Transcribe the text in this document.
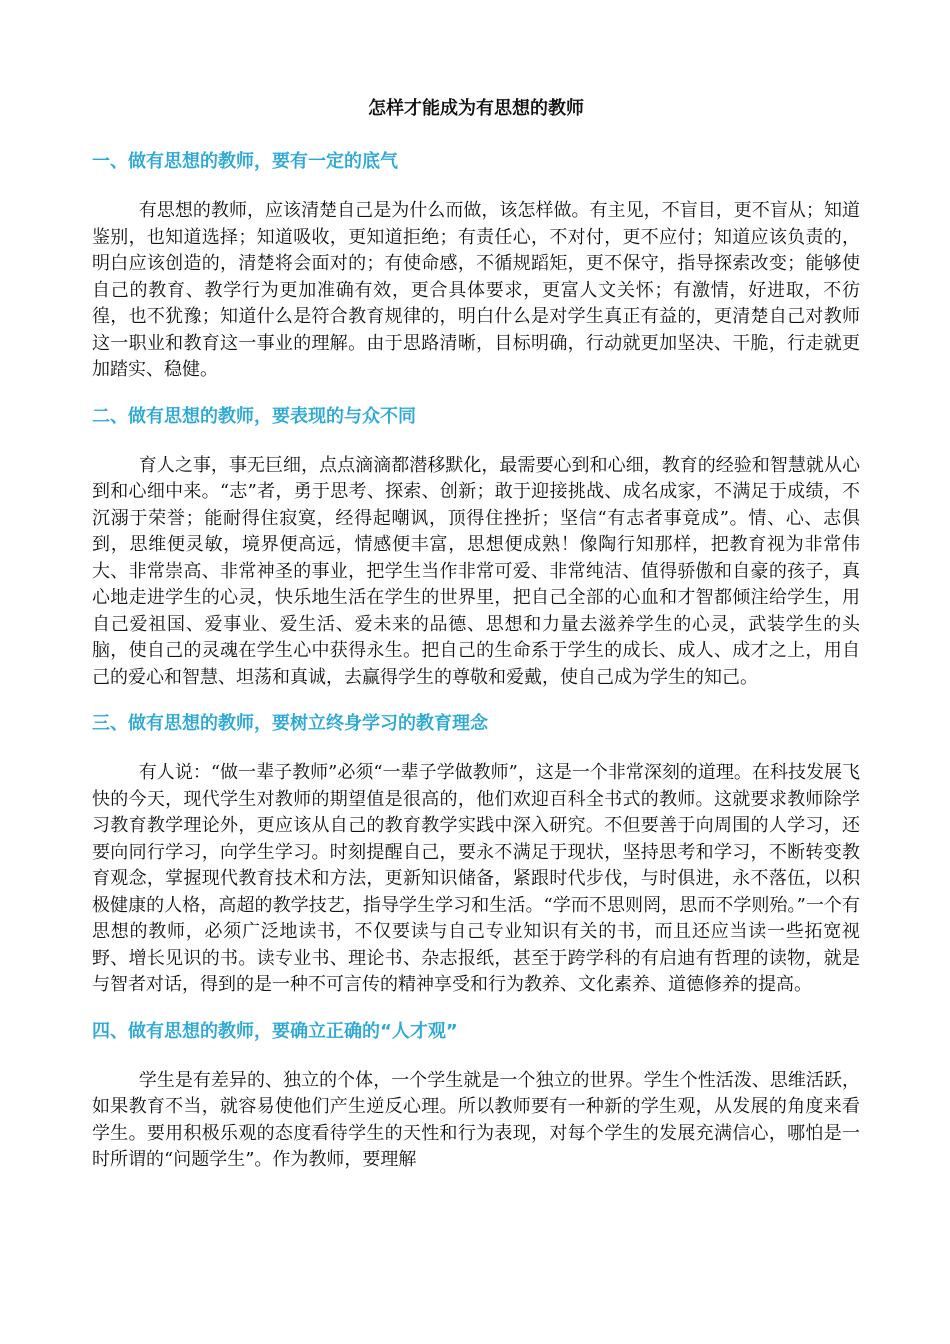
怎样才能成为有思想的教师
一、做有思想的教师，要有一定的底气

有思想的教师，应该清楚自己是为什么而做，该怎样做。有主见，不盲目，更不盲从；知道鉴别，也知道选择；知道吸收，更知道拒绝；有责任心，不对付，更不应付；知道应该负责的，明白应该创造的，清楚将会面对的；有使命感，不循规蹈矩，更不保守，指导探索改变；能够使自己的教育、教学行为更加准确有效，更合具体要求，更富人文关怀；有激情，好进取，不彷徨，也不犹豫；知道什么是符合教育规律的，明白什么是对学生真正有益的，更清楚自己对教师这一职业和教育这一事业的理解。由于思路清晰，目标明确，行动就更加坚决、干脆，行走就更加踏实、稳健。

二、做有思想的教师，要表现的与众不同

育人之事，事无巨细，点点滴滴都潜移默化，最需要心到和心细，教育的经验和智慧就从心到和心细中来。“志”者，勇于思考、探索、创新；敢于迎接挑战、成名成家，不满足于成绩，不沉溺于荣誉；能耐得住寂寞，经得起嘲讽，顶得住挫折；坚信“有志者事竟成”。情、心、志俱到，思维便灵敏，境界便高远，情感便丰富，思想便成熟！像陶行知那样，把教育视为非常伟大、非常崇高、非常神圣的事业，把学生当作非常可爱、非常纯洁、值得骄傲和自豪的孩子，真心地走进学生的心灵，快乐地生活在学生的世界里，把自己全部的心血和才智都倾注给学生，用自己爱祖国、爱事业、爱生活、爱未来的品德、思想和力量去滋养学生的心灵，武装学生的头脑，使自己的灵魂在学生心中获得永生。把自己的生命系于学生的成长、成人、成才之上，用自己的爱心和智慧、坦荡和真诚，去赢得学生的尊敬和爱戴，使自己成为学生的知己。

三、做有思想的教师，要树立终身学习的教育理念

有人说：“做一辈子教师”必须“一辈子学做教师”，这是一个非常深刻的道理。在科技发展飞快的今天，现代学生对教师的期望值是很高的，他们欢迎百科全书式的教师。这就要求教师除学习教育教学理论外，更应该从自己的教育教学实践中深入研究。不但要善于向周围的人学习，还要向同行学习，向学生学习。时刻提醒自己，要永不满足于现状，坚持思考和学习，不断转变教育观念，掌握现代教育技术和方法，更新知识储备，紧跟时代步伐，与时俱进，永不落伍，以积极健康的人格，高超的教学技艺，指导学生学习和生活。“学而不思则罔，思而不学则殆。”一个有思想的教师，必须广泛地读书，不仅要读与自己专业知识有关的书，而且还应当读一些拓宽视野、增长见识的书。读专业书、理论书、杂志报纸，甚至于跨学科的有启迪有哲理的读物，就是与智者对话，得到的是一种不可言传的精神享受和行为教养、文化素养、道德修养的提高。

四、做有思想的教师，要确立正确的“人才观”

学生是有差异的、独立的个体，一个学生就是一个独立的世界。学生个性活泼、思维活跃，如果教育不当，就容易使他们产生逆反心理。所以教师要有一种新的学生观，从发展的角度来看学生。要用积极乐观的态度看待学生的天性和行为表现，对每个学生的发展充满信心，哪怕是一时所谓的“问题学生”。作为教师，要理解
